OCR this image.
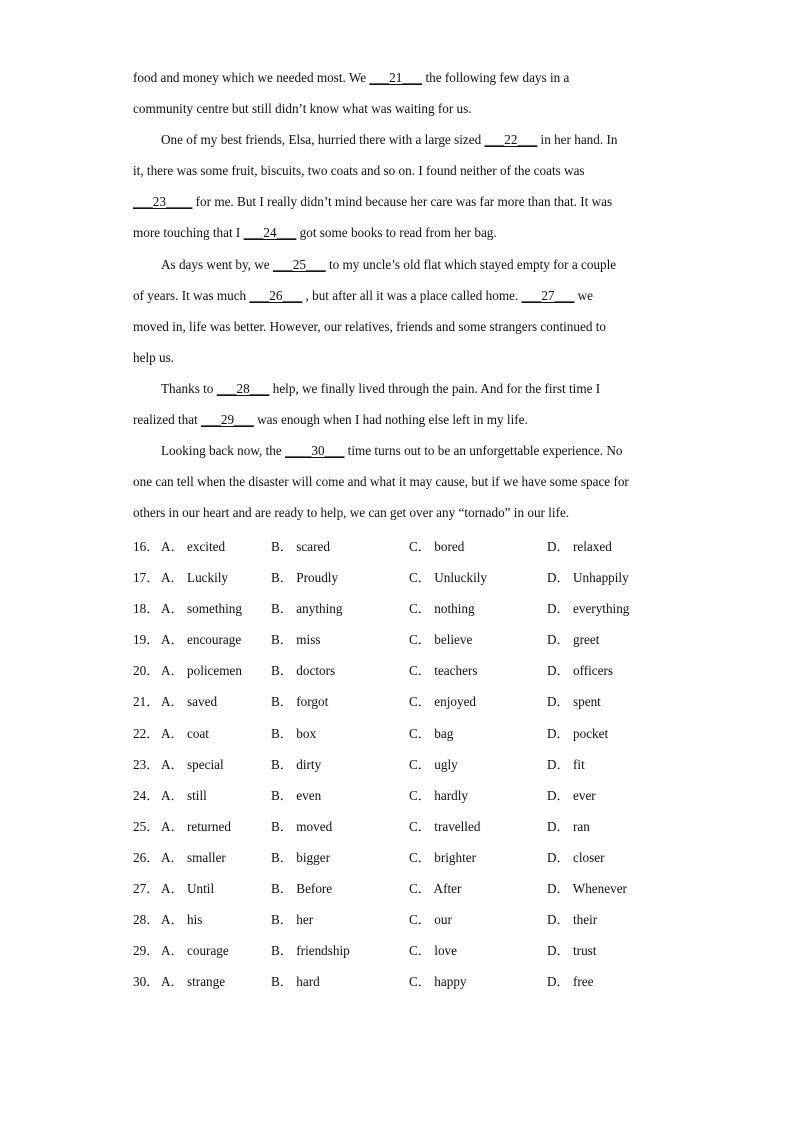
food and money which we needed most. We ___21___ the following few days in a
community centre but still didn’t know what was waiting for us.
One of my best friends, Elsa, hurried there with a large sized ___22___ in her hand. In
it, there was some fruit, biscuits, two coats and so on. I found neither of the coats was
___23____ for me. But I really didn’t mind because her care was far more than that. It was
more touching that I ___24___ got some books to read from her bag.
As days went by, we ___25___ to my uncle’s old flat which stayed empty for a couple
of years. It was much ___26___ , but after all it was a place called home. ___27___ we
moved in, life was better. However, our relatives, friends and some strangers continued to
help us.
Thanks to ___28___ help, we finally lived through the pain. And for the first time I
realized that ___29___ was enough when I had nothing else left in my life.
Looking back now, the ____30___ time turns out to be an unforgettable experience. No
one can tell when the disaster will come and what it may cause, but if we have some space for
others in our heart and are ready to help, we can get over any “tornado” in our life.
16． A． excited	B． scared	C． bored	D． relaxed
17． A． Luckily	B． Proudly	C． Unluckily	D． Unhappily
18． A． something B． anything	C． nothing	D． everything
19． A． encourage B． miss	C． believe	D． greet
20． A． policemen B． doctors	C． teachers	D． officers
21． A． saved	B． forgot	C． enjoyed	D． spent
22． A． coat	B． box	C． bag	D． pocket
23． A． special	B． dirty	C． ugly	D． fit
24． A． still	B． even	C． hardly	D． ever
25． A． returned	B． moved	C． travelled	D． ran
26． A． smaller	B． bigger	C． brighter	D． closer
27． A． Until	B． Before	C． After	D． Whenever
28． A． his	B． her	C． our	D． their
29． A． courage	B． friendship	C． love	D． trust
30． A． strange	B． hard	C． happy	D． free
